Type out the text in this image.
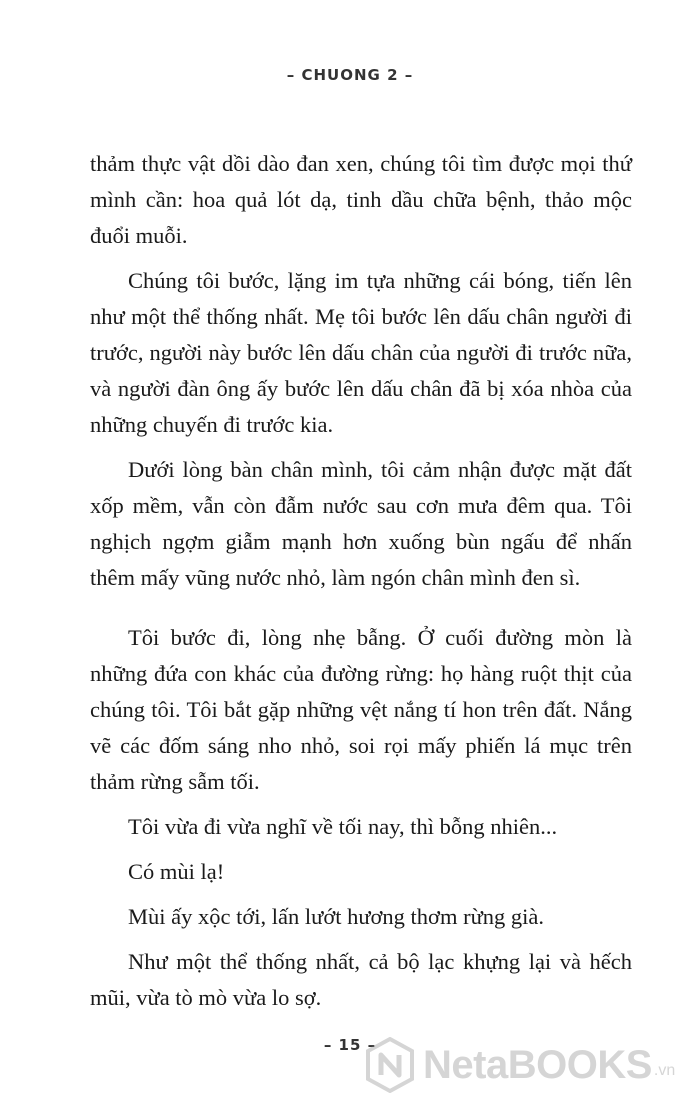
– CHUONG 2 –

thảm thực vật dồi dào đan xen, chúng tôi tìm được mọi thứ mình cần: hoa quả lót dạ, tinh dầu chữa bệnh, thảo mộc đuổi muỗi.

Chúng tôi bước, lặng im tựa những cái bóng, tiến lên như một thể thống nhất. Mẹ tôi bước lên dấu chân người đi trước, người này bước lên dấu chân của người đi trước nữa, và người đàn ông ấy bước lên dấu chân đã bị xóa nhòa của những chuyến đi trước kia.

Dưới lòng bàn chân mình, tôi cảm nhận được mặt đất xốp mềm, vẫn còn đẫm nước sau cơn mưa đêm qua. Tôi nghịch ngợm giẫm mạnh hơn xuống bùn ngấu để nhấn thêm mấy vũng nước nhỏ, làm ngón chân mình đen sì.

Tôi bước đi, lòng nhẹ bẫng. Ở cuối đường mòn là những đứa con khác của đường rừng: họ hàng ruột thịt của chúng tôi. Tôi bắt gặp những vệt nắng tí hon trên đất. Nắng vẽ các đốm sáng nho nhỏ, soi rọi mấy phiến lá mục trên thảm rừng sẫm tối.

Tôi vừa đi vừa nghĩ về tối nay, thì bỗng nhiên...

Có mùi lạ!

Mùi ấy xộc tới, lấn lướt hương thơm rừng già.

Như một thể thống nhất, cả bộ lạc khựng lại và hếch mũi, vừa tò mò vừa lo sợ.

– 15 –	NetaBOOKS .vn
